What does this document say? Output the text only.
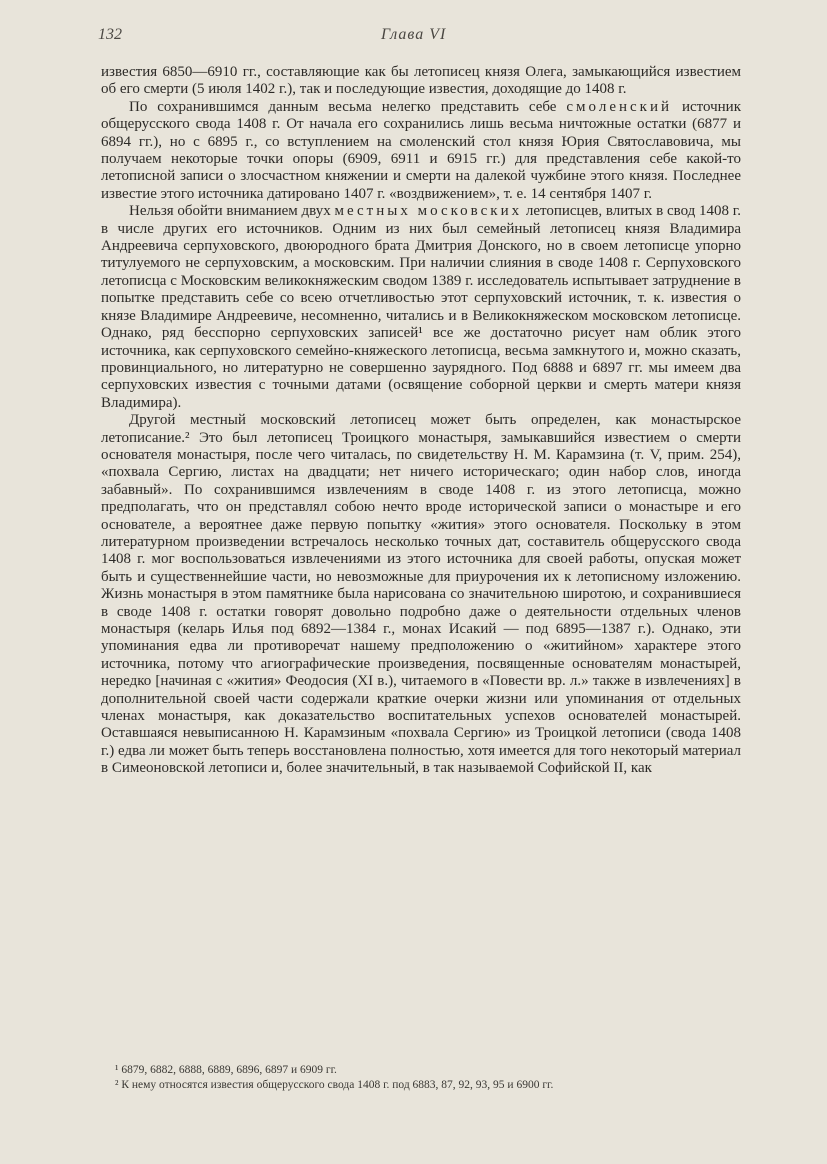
132	Глава VI

известия 6850—6910 гг., составляющие как бы летописец князя Олега, замыкающийся известием об его смерти (5 июля 1402 г.), так и последующие известия, доходящие до 1408 г.

По сохранившимся данным весьма нелегко представить себе смоленский источник общерусского свода 1408 г. От начала его сохранились лишь весьма ничтожные остатки (6877 и 6894 гг.), но с 6895 г., со вступлением на смоленский стол князя Юрия Святославовича, мы получаем некоторые точки опоры (6909, 6911 и 6915 гг.) для представления себе какой-то летописной записи о злосчастном княжении и смерти на далекой чужбине этого князя. Последнее известие этого источника датировано 1407 г. «воздвижением», т. е. 14 сентября 1407 г.

Нельзя обойти вниманием двух местных московских летописцев, влитых в свод 1408 г. в числе других его источников. Одним из них был семейный летописец князя Владимира Андреевича серпуховского, двоюродного брата Дмитрия Донского, но в своем летописце упорно титулуемого не серпуховским, а московским. При наличии слияния в своде 1408 г. Серпуховского летописца с Московским великокняжеским сводом 1389 г. исследователь испытывает затруднение в попытке представить себе со всею отчетливостью этот серпуховский источник, т. к. известия о князе Владимире Андреевиче, несомненно, читались и в Великокняжеском московском летописце. Однако, ряд бесспорно серпуховских записей¹ все же достаточно рисует нам облик этого источника, как серпуховского семейно-княжеского летописца, весьма замкнутого и, можно сказать, провинциального, но литературно не совершенно заурядного. Под 6888 и 6897 гг. мы имеем два серпуховских известия с точными датами (освящение соборной церкви и смерть матери князя Владимира).

Другой местный московский летописец может быть определен, как монастырское летописание.² Это был летописец Троицкого монастыря, замыкавшийся известием о смерти основателя монастыря, после чего читалась, по свидетельству Н. М. Карамзина (т. V, прим. 254), «похвала Сергию, листах на двадцати; нет ничего историческаго; один набор слов, иногда забавный». По сохранившимся извлечениям в своде 1408 г. из этого летописца, можно предполагать, что он представлял собою нечто вроде исторической записи о монастыре и его основателе, а вероятнее даже первую попытку «жития» этого основателя. Поскольку в этом литературном произведении встречалось несколько точных дат, составитель общерусского свода 1408 г. мог воспользоваться извлечениями из этого источника для своей работы, опуская может быть и существеннейшие части, но невозможные для приурочения их к летописному изложению. Жизнь монастыря в этом памятнике была нарисована со значительною широтою, и сохранившиеся в своде 1408 г. остатки говорят довольно подробно даже о деятельности отдельных членов монастыря (келарь Илья под 6892—1384 г., монах Исакий — под 6895—1387 г.). Однако, эти упоминания едва ли противоречат нашему предположению о «житийном» характере этого источника, потому что агиографические произведения, посвященные основателям монастырей, нередко [начиная с «жития» Феодосия (XI в.), читаемого в «Повести вр. л.» также в извлечениях] в дополнительной своей части содержали краткие очерки жизни или упоминания от отдельных членах монастыря, как доказательство воспитательных успехов основателей монастырей. Оставшаяся невыписанною Н. Карамзиным «похвала Сергию» из Троицкой летописи (свода 1408 г.) едва ли может быть теперь восстановлена полностью, хотя имеется для того некоторый материал в Симеоновской летописи и, более значительный, в так называемой Софийской II, как

¹ 6879, 6882, 6888, 6889, 6896, 6897 и 6909 гг.
² К нему относятся известия общерусского свода 1408 г. под 6883, 87, 92, 93, 95 и 6900 гг.
